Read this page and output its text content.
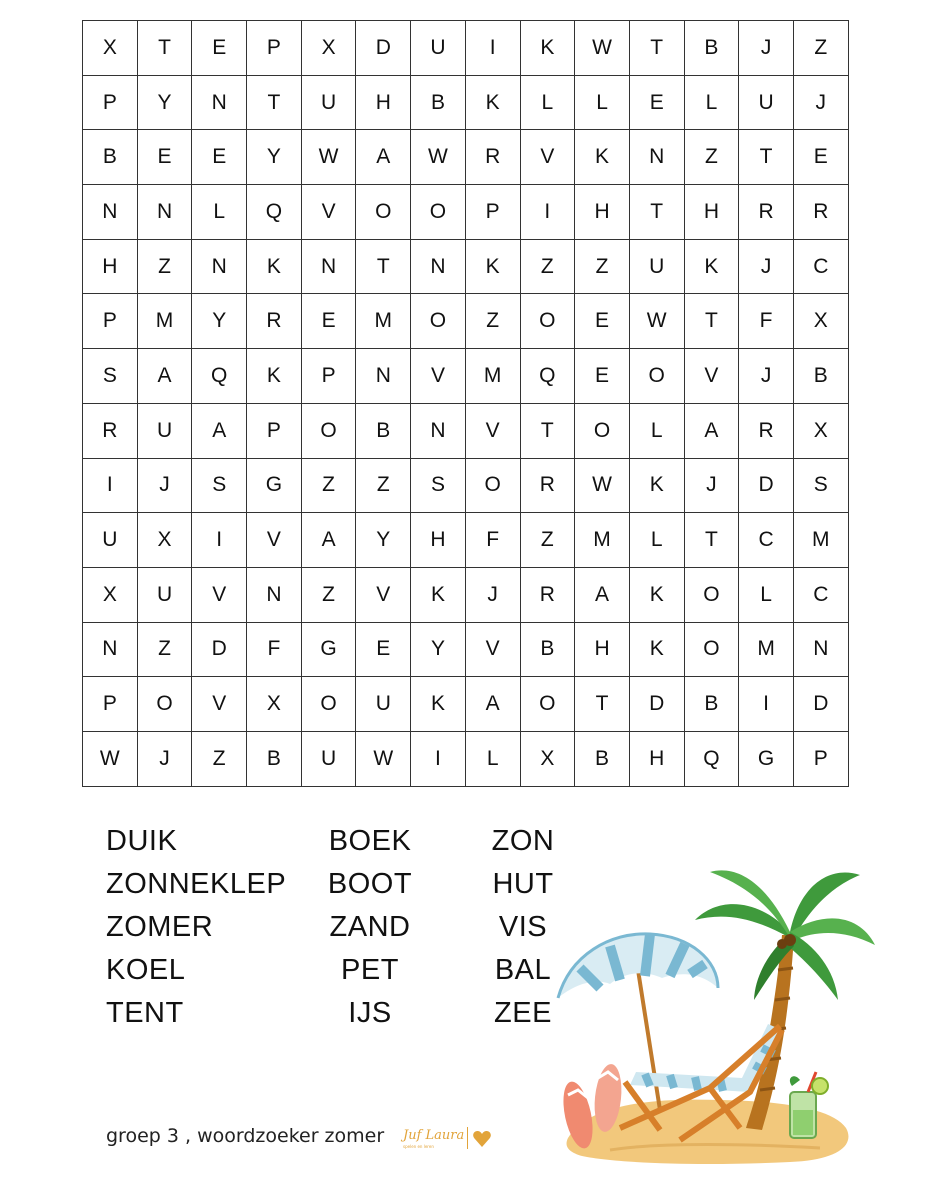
X	T	E	P	X	D	U	I	K	W	T	B	J	Z
P	Y	N	T	U	H	B	K	L	L	E	L	U	J
B	E	E	Y	W	A	W	R	V	K	N	Z	T	E
N	N	L	Q	V	O	O	P	I	H	T	H	R	R
H	Z	N	K	N	T	N	K	Z	Z	U	K	J	C
P	M	Y	R	E	M	O	Z	O	E	W	T	F	X
S	A	Q	K	P	N	V	M	Q	E	O	V	J	B
R	U	A	P	O	B	N	V	T	O	L	A	R	X
I	J	S	G	Z	Z	S	O	R	W	K	J	D	S
U	X	I	V	A	Y	H	F	Z	M	L	T	C	M
X	U	V	N	Z	V	K	J	R	A	K	O	L	C
N	Z	D	F	G	E	Y	V	B	H	K	O	M	N
P	O	V	X	O	U	K	A	O	T	D	B	I	D
W	J	Z	B	U	W	I	L	X	B	H	Q	G	P
DUIK
ZONNEKLEP
ZOMER
KOEL
TENT
BOEK
BOOT
ZAND
PET
IJS
ZON
HUT
VIS
BAL
ZEE
groep 3 , woordzoeker zomer Juf Laura
spelen en leren
